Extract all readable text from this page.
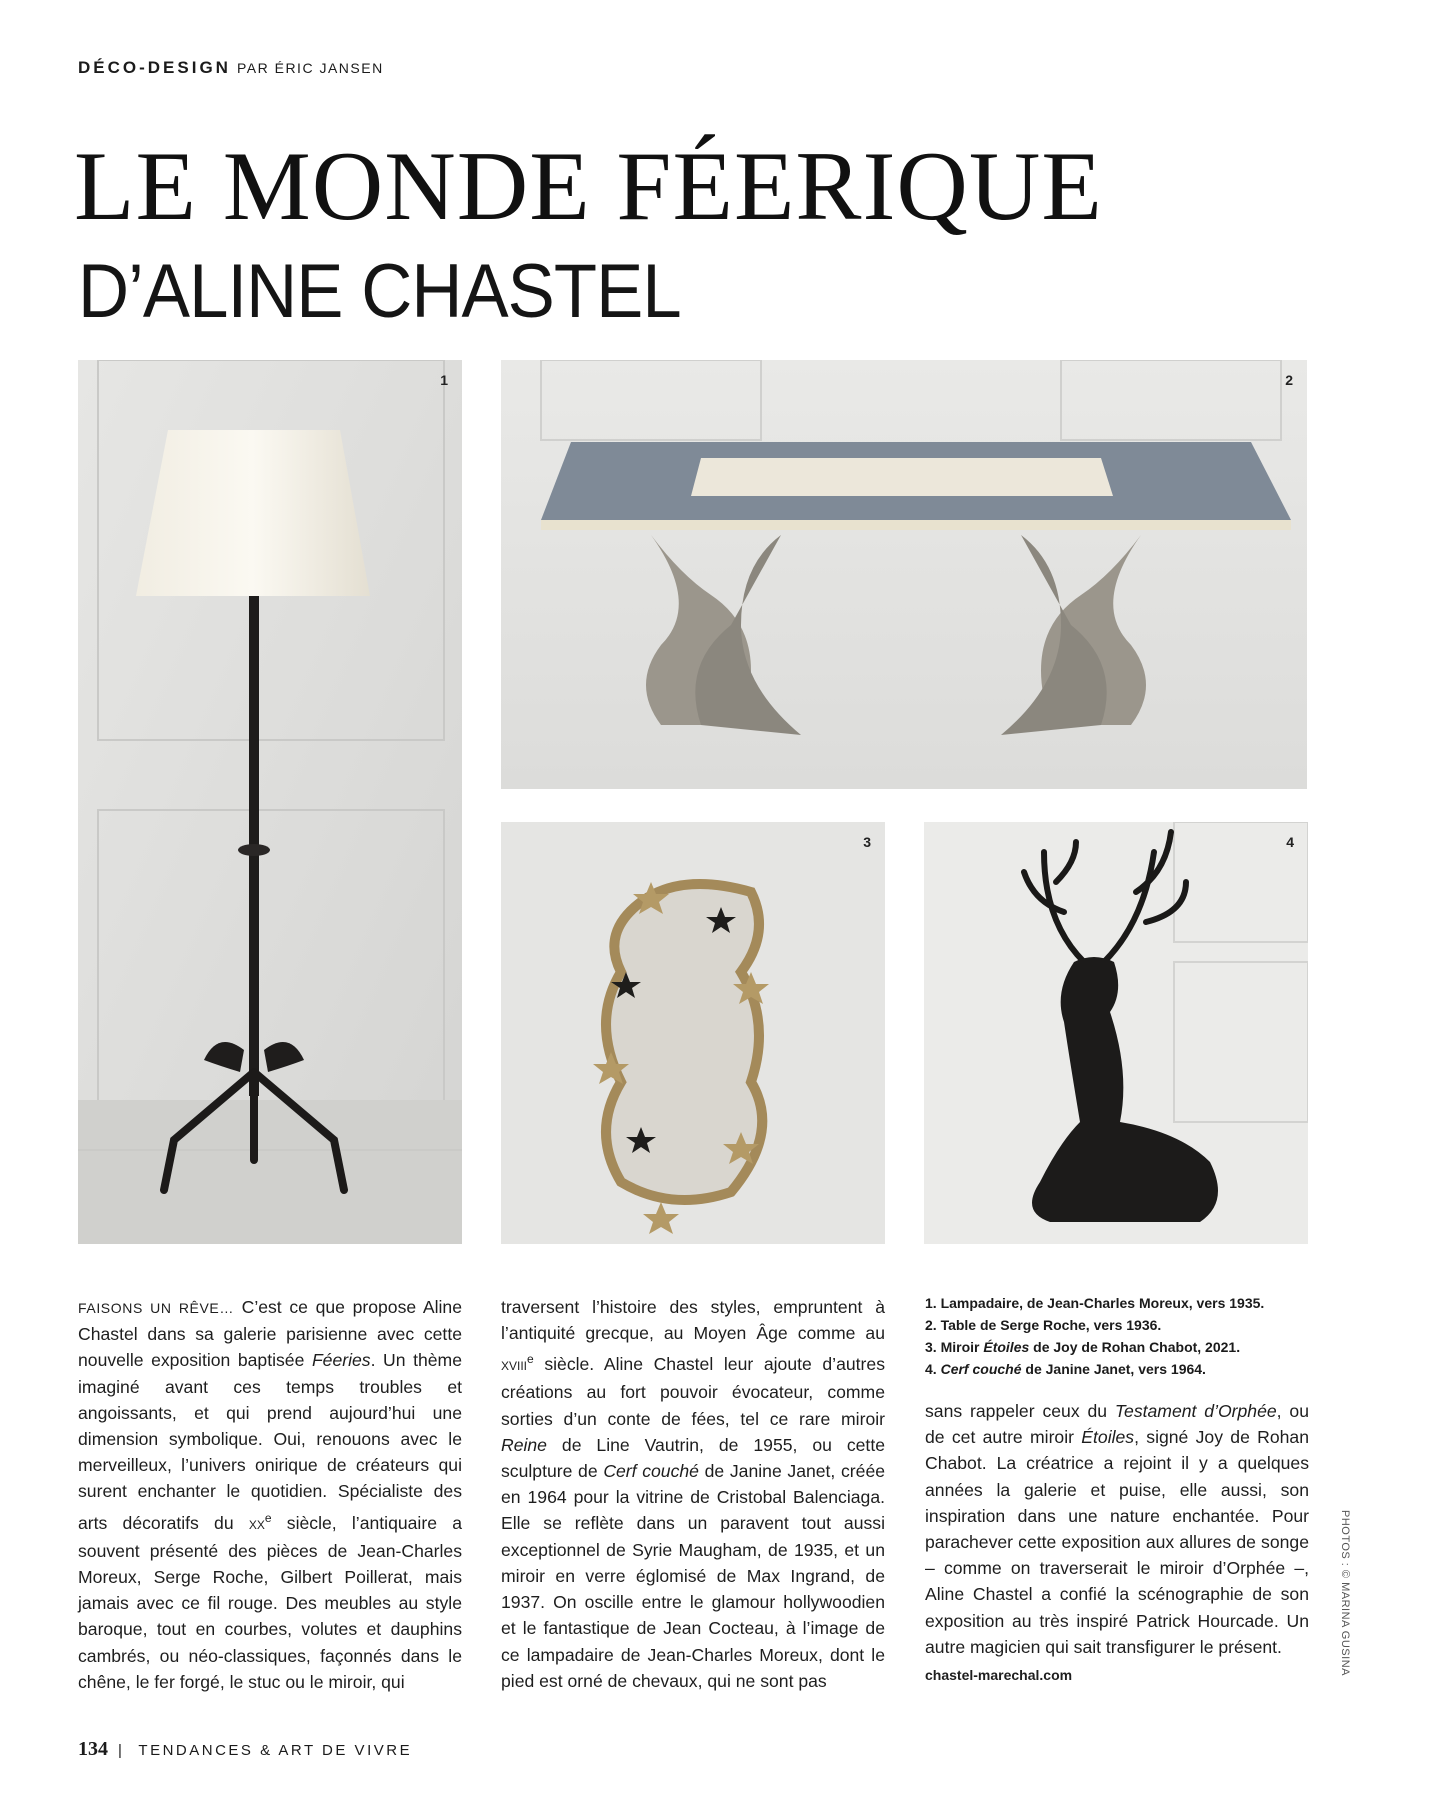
DÉCO-DESIGN PAR ÉRIC JANSEN
LE MONDE FÉERIQUE
D’ALINE CHASTEL
1	2
3	4

FAISONS UN RÊVE… C’est ce que propose Aline Chastel dans sa galerie parisienne avec cette nouvelle exposition baptisée Féeries. Un thème imaginé avant ces temps troubles et angoissants, et qui prend aujourd’hui une dimension symbolique. Oui, renouons avec le merveilleux, l’univers onirique de créateurs qui surent enchanter le quotidien. Spécialiste des arts décoratifs du XXe siècle, l’antiquaire a souvent présenté des pièces de Jean-Charles Moreux, Serge Roche, Gilbert Poillerat, mais jamais avec ce fil rouge. Des meubles au style baroque, tout en courbes, volutes et dauphins cambrés, ou néo-classiques, façonnés dans le chêne, le fer forgé, le stuc ou le miroir, qui

traversent l’histoire des styles, empruntent à l’antiquité grecque, au Moyen Âge comme au XVIIIe siècle. Aline Chastel leur ajoute d’autres créations au fort pouvoir évocateur, comme sorties d’un conte de fées, tel ce rare miroir Reine de Line Vautrin, de 1955, ou cette sculpture de Cerf couché de Janine Janet, créée en 1964 pour la vitrine de Cristobal Balenciaga. Elle se reflète dans un paravent tout aussi exceptionnel de Syrie Maugham, de 1935, et un miroir en verre églomisé de Max Ingrand, de 1937. On oscille entre le glamour hollywoodien et le fantastique de Jean Cocteau, à l’image de ce lampadaire de Jean-Charles Moreux, dont le pied est orné de chevaux, qui ne sont pas

1. Lampadaire, de Jean-Charles Moreux, vers 1935.
2. Table de Serge Roche, vers 1936.
3. Miroir Étoiles de Joy de Rohan Chabot, 2021.
4. Cerf couché de Janine Janet, vers 1964.

sans rappeler ceux du Testament d’Orphée, ou de cet autre miroir Étoiles, signé Joy de Rohan Chabot. La créatrice a rejoint il y a quelques années la galerie et puise, elle aussi, son inspiration dans une nature enchantée. Pour parachever cette exposition aux allures de songe – comme on traverserait le miroir d’Orphée –, Aline Chastel a confié la scénographie de son exposition au très inspiré Patrick Hourcade. Un autre magicien qui sait transfigurer le présent.

chastel-marechal.com	PHOTOS : © MARINA GUSINA
134 | TENDANCES & ART DE VIVRE
